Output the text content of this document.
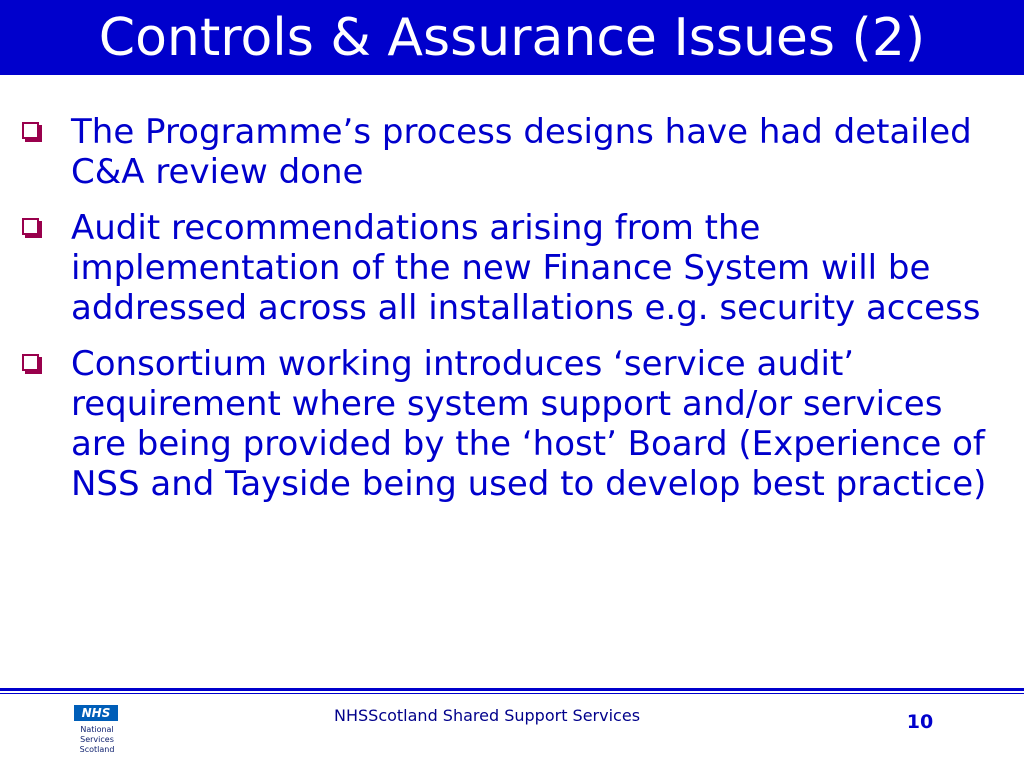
Controls & Assurance Issues (2)
The Programme’s process designs have had detailed C&A review done
Audit recommendations arising from the implementation of the new Finance System will be addressed across all installations e.g. security access
Consortium working introduces ‘service audit’ requirement where system support and/or services are being provided by the ‘host’ Board (Experience of NSS and Tayside being used to develop best practice)
NHS
National
Services
Scotland
NHSScotland Shared Support Services	10
